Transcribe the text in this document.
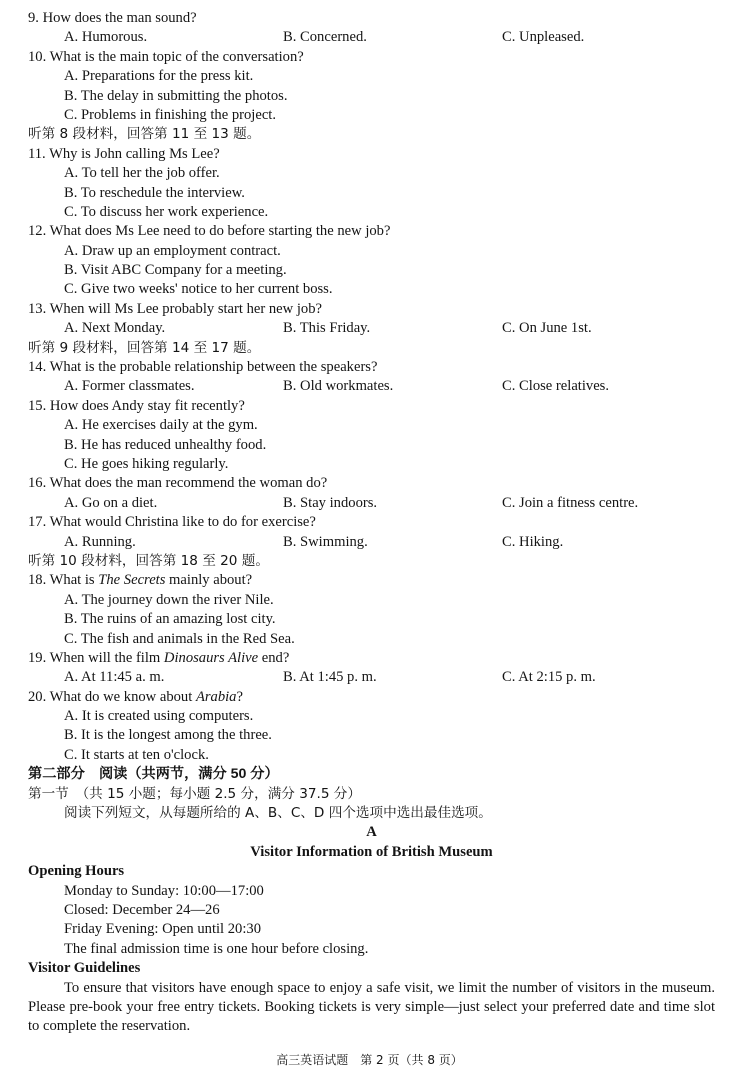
9. How does the man sound?
A. Humorous.	B. Concerned.	C. Unpleased.
10. What is the main topic of the conversation?
A. Preparations for the press kit.
B. The delay in submitting the photos.
C. Problems in finishing the project.
听第 8 段材料，回答第 11 至 13 题。
11. Why is John calling Ms Lee?
A. To tell her the job offer.
B. To reschedule the interview.
C. To discuss her work experience.
12. What does Ms Lee need to do before starting the new job?
A. Draw up an employment contract.
B. Visit ABC Company for a meeting.
C. Give two weeks' notice to her current boss.
13. When will Ms Lee probably start her new job?
A. Next Monday.	B. This Friday.	C. On June 1st.
听第 9 段材料，回答第 14 至 17 题。
14. What is the probable relationship between the speakers?
A. Former classmates.	B. Old workmates.	C. Close relatives.
15. How does Andy stay fit recently?
A. He exercises daily at the gym.
B. He has reduced unhealthy food.
C. He goes hiking regularly.
16. What does the man recommend the woman do?
A. Go on a diet.	B. Stay indoors.	C. Join a fitness centre.
17. What would Christina like to do for exercise?
A. Running.	B. Swimming.	C. Hiking.
听第 10 段材料，回答第 18 至 20 题。
18. What is The Secrets mainly about?
A. The journey down the river Nile.
B. The ruins of an amazing lost city.
C. The fish and animals in the Red Sea.
19. When will the film Dinosaurs Alive end?
A. At 11:45 a. m.	B. At 1:45 p. m.	C. At 2:15 p. m.
20. What do we know about Arabia?
A. It is created using computers.
B. It is the longest among the three.
C. It starts at ten o'clock.
第二部分　阅读（共两节，满分 50 分）
第一节　（共 15 小题；每小题 2.5 分，满分 37.5 分）
阅读下列短文，从每题所给的 A、B、C、D 四个选项中选出最佳选项。
A
Visitor Information of British Museum
Opening Hours
Monday to Sunday: 10:00—17:00
Closed: December 24—26
Friday Evening: Open until 20:30
The final admission time is one hour before closing.
Visitor Guidelines

To ensure that visitors have enough space to enjoy a safe visit, we limit the number of visitors in the museum. Please pre-book your free entry tickets. Booking tickets is very simple—just select your preferred date and time slot to complete the reservation.

高三英语试题　第 2 页（共 8 页）
